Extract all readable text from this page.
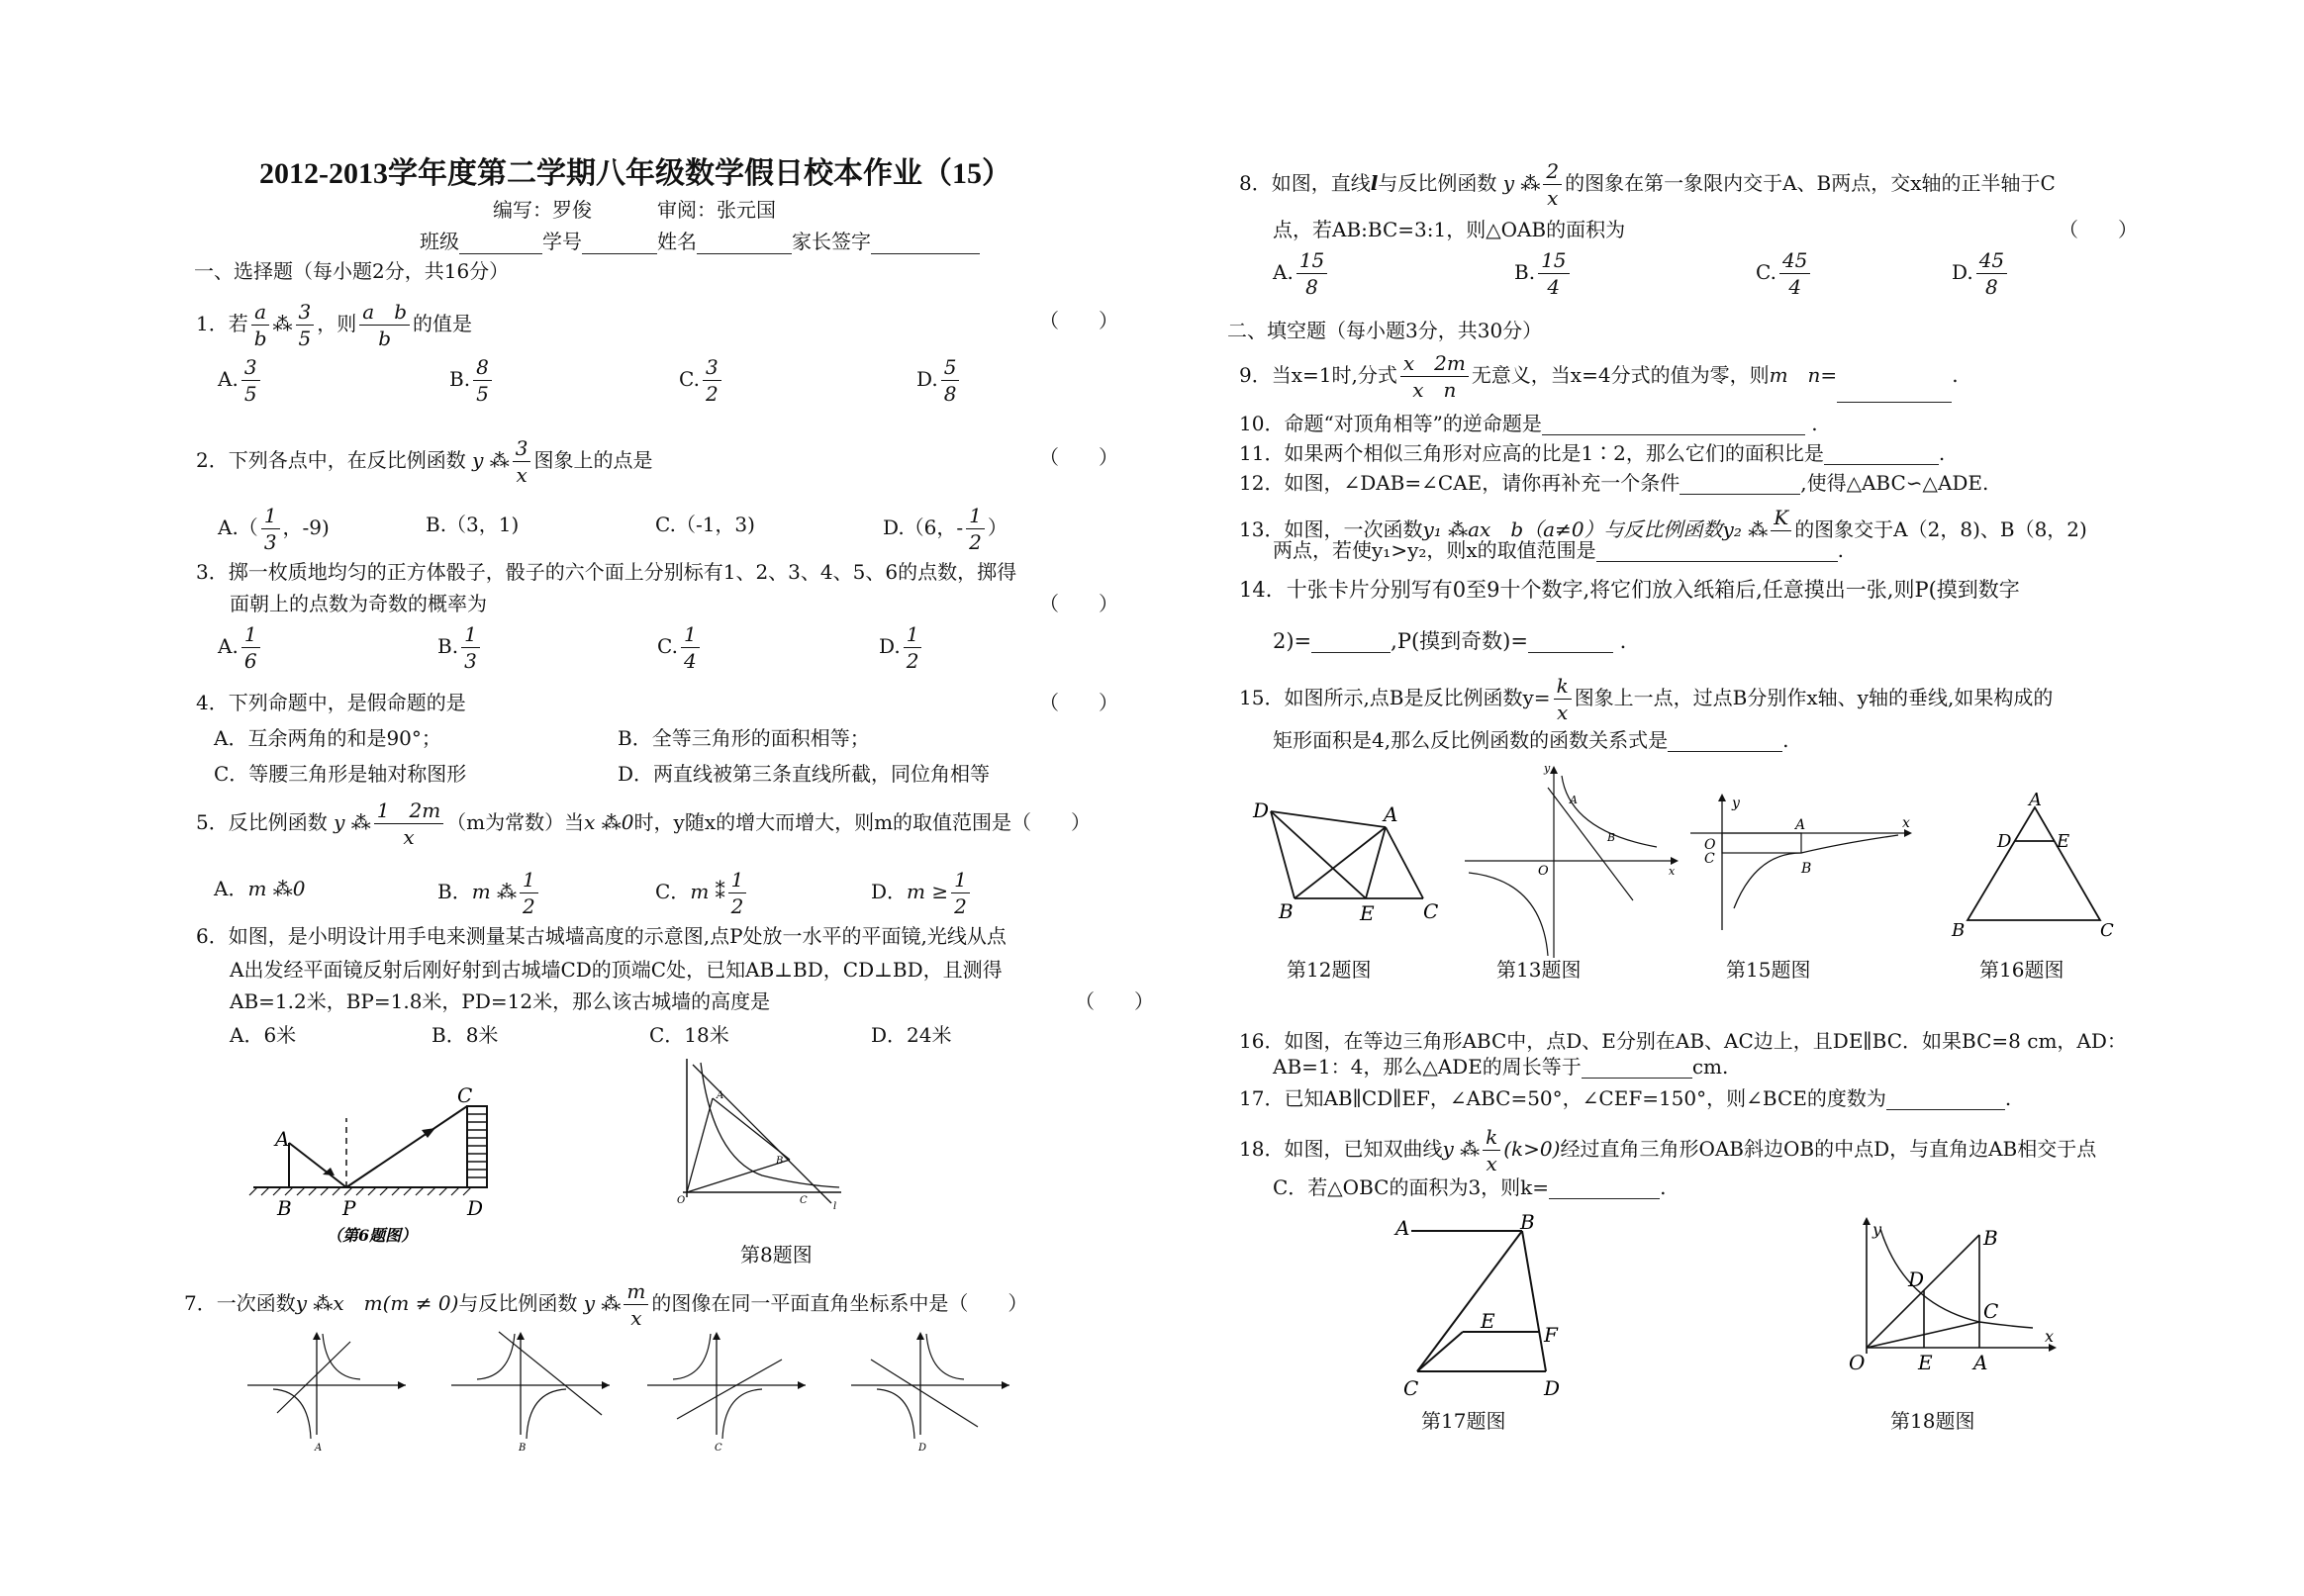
2012-2013学年度第二学期八年级数学假日校本作业（15）
编写：罗俊	审阅：张元国
班级	学号	姓名	家长签字
一、选择题（每小题2分，共16分）
1．若 $\frac{a}{b}$ ⁂ $\frac{3}{5}$ ，则 $\frac{\text{a　b}}{b}$ 的值是	（　　）
A. $\frac{3}{5}$	B. $\frac{8}{5}$	C. $\frac{3}{2}$	D. $\frac{5}{8}$
2．下列各点中，在反比例函数 y ⁂ $\frac{3}{x}$ 图象上的点是	（　　）
$A.( \frac{1}{3}$ ，-9)	B.（3，1)	C.（-1，3)	D.（6，- $\frac{1}{2}$ ）
3．掷一枚质地均匀的正方体骰子，骰子的六个面上分别标有1、2、3、4、5、6的点数，掷得
面朝上的点数为奇数的概率为	（　　）
A. $\frac{1}{6}$	B. $\frac{1}{3}$	C. $\frac{1}{4}$	D. $\frac{1}{2}$
4．下列命题中，是假命题的是	（　　）
A．互余两角的和是90°；	B．全等三角形的面积相等；
C．等腰三角形是轴对称图形	D．两直线被第三条直线所截，同位角相等
5．反比例函数 y ⁂ $\frac{1 2m}{x} (m$为常数）当x ⁂0时，y随x的增大而增大，则m的取值范围是（　　）
A．m ⁂0	B．m ⁂ $\frac{1}{2}$	C．m ⁑ $\frac{1}{2}$	D．$m \ge \frac{1}{2}$
6．如图，是小明设计用手电来测量某古城墙高度的示意图,点P处放一水平的平面镜,光线从点
A出发经平面镜反射后刚好射到古城墙CD的顶端C处，已知AB⊥BD，CD⊥BD，且测得
AB=1.2米，BP=1.8米，PD=12米，那么该古城墙的高度是	（　　）
A．6米	B．8米	C．18米	D．24米
A
B	P
C
D
（第6题图）
A
B
O	C
l
第8题图
7．一次函数y ⁂x　m(m ≠ 0)与反比例函数 y ⁂ $\frac{m}{x}$ 的图像在同一平面直角坐标系中是（　　）
A	B	C	D
8．如图，直线l与反比例函数 y ⁂ $\frac{2}{x}$ 的图象在第一象限内交于A、B两点，交x轴的正半轴于C
点，若AB:BC=3:1，则△OAB的面积为	（　　）
A. $\frac{15}{8}$	B. $\frac{15}{4}$	C. $\frac{45}{4}$	D. $\frac{45}{8}$
二、填空题（每小题3分，共30分）
9．当x=1时,分式 $\frac{x 2m}{\text{x　n}}$ 无意义，当x=4分式的值为零，则m　n=	.
10．命题“对顶角相等”的逆命题是	.
11．如果两个相似三角形对应高的比是1∶2，那么它们的面积比是	.
12．如图，∠DAB=∠CAE，请你再补充一个条件	,使得△ABC∽△ADE.
13．如图，一次函数y₁ ⁂ax　b（a≠0）与反比例函数y₂ ⁂ K
的图象交于A（2，8)、B（8，2)
两点，若使y₁>y₂，则x的取值范围是	.
14．十张卡片分别写有0至9十个数字,将它们放入纸箱后,任意摸出一张,则P(摸到数字
2)=	,P(摸到奇数)=	.
15．如图所示,点B是反比例函数$y= \frac{k}{x}$ 图象上一点，过点B分别作x轴、y轴的垂线,如果构成的
矩形面积是4,那么反比例函数的函数关系式是	.
D	A
B	E C
第12题图
y
A
B
O	x
第13题图
y
O
C
A
B
x
第15题图
A
D	E
B	C
第16题图
16．如图，在等边三角形ABC中，点D、E分别在AB、AC边上，且DE∥BC．如果BC=8 cm，AD：
AB=1：4，那么△ADE的周长等于	cm.
17．已知AB∥CD∥EF，∠ABC=50°，∠CEF=150°，则∠BCE的度数为	.
18．如图，已知双曲线y ⁂ $\frac{k}{x} (k>0)$经过直角三角形OAB斜边OB的中点D，与直角边AB相交于点
C．若△OBC的面积为3，则k=	.
A	B
E
F
C	D
第17题图
y	B
D
C
O	E A
x
第18题图
